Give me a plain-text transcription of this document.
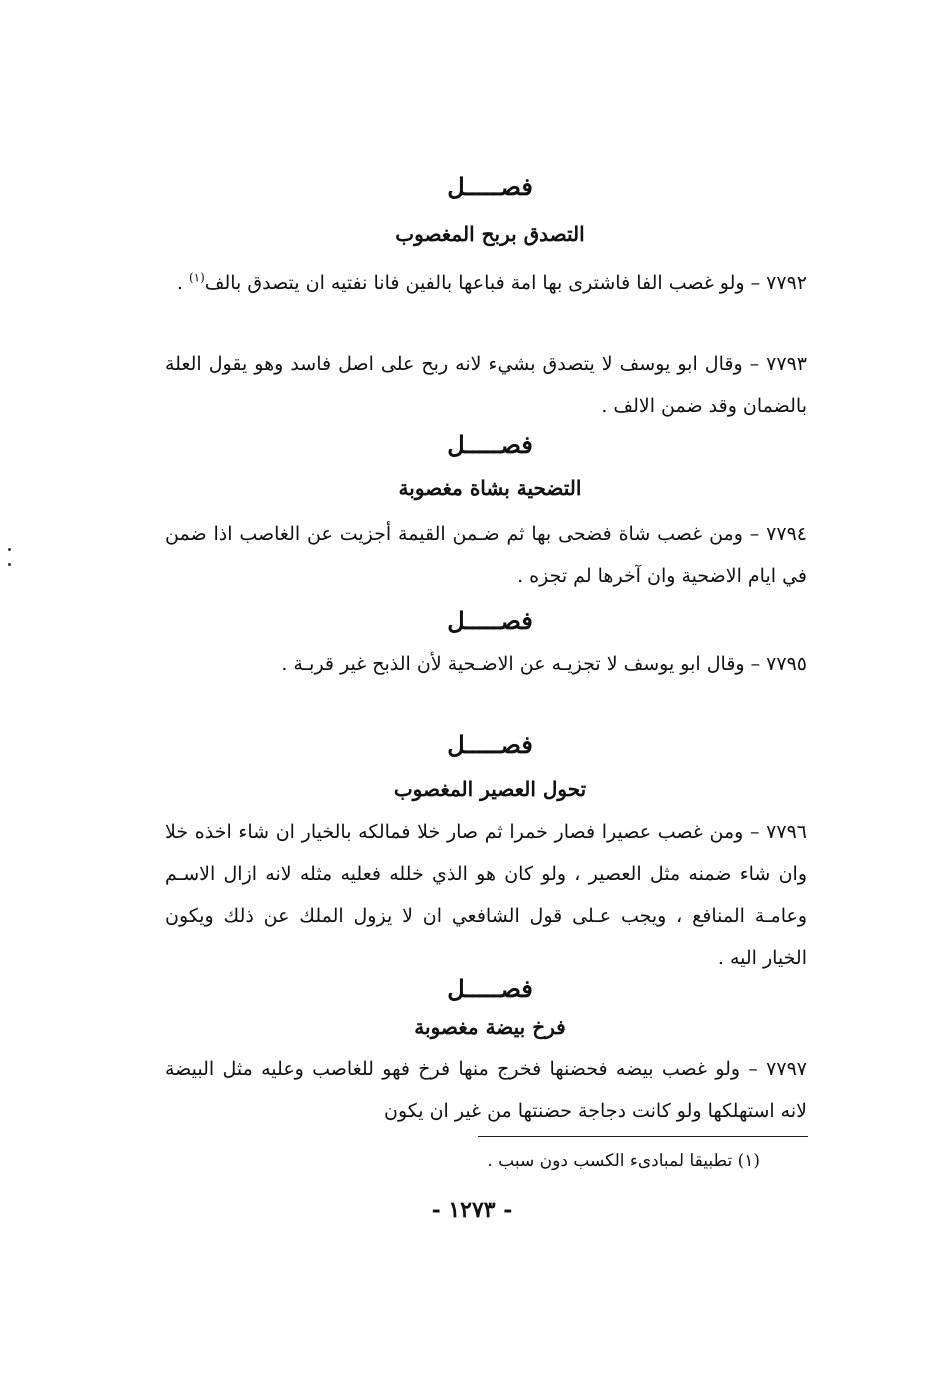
فصـــــل
التصدق بربح المغصوب
٧٧٩٢ – ولو غصب الفا فاشترى بها امة فباعها بالفين فانا نفتيه ان يتصدق بالف$^{(١)}$ .
٧٧٩٣ – وقال ابو يوسف لا يتصدق بشيء لانه ربح على اصل فاسد وهو يقول العلة بالضمان وقد ضمن الالف .
فصـــــل
التضحية بشاة مغصوبة
٧٧٩٤ – ومن غصب شاة فضحى بها ثم ضـمن القيمة أجزيت عن الغاصب اذا ضمن في ايام الاضحية وان آخرها لم تجزه .
فصـــــل
٧٧٩٥ – وقال ابو يوسف لا تجزيـه عن الاضـحية لأن الذبح غير قربـة .
فصـــــل
تحول العصير المغصوب
٧٧٩٦ – ومن غصب عصيرا فصار خمرا ثم صار خلا فمالكه بالخيار ان شاء اخذه خلا وان شاء ضمنه مثل العصير ، ولو كان هو الذي خلله فعليه مثله لانه ازال الاسـم وعامـة المنافع ، ويجب عـلى قول الشافعي ان لا يزول الملك عن ذلك ويكون الخيار اليه .
فصـــــل
فرخ بيضة مغصوبة
٧٧٩٧ – ولو غصب بيضه فحضنها فخرج منها فرخ فهو للغاصب وعليه مثل البيضة لانه استهلكها ولو كانت دجاجة حضنتها من غير ان يكون
(١) تطبيقا لمبادىء الكسب دون سبب .
- ١٢٧٣ -
